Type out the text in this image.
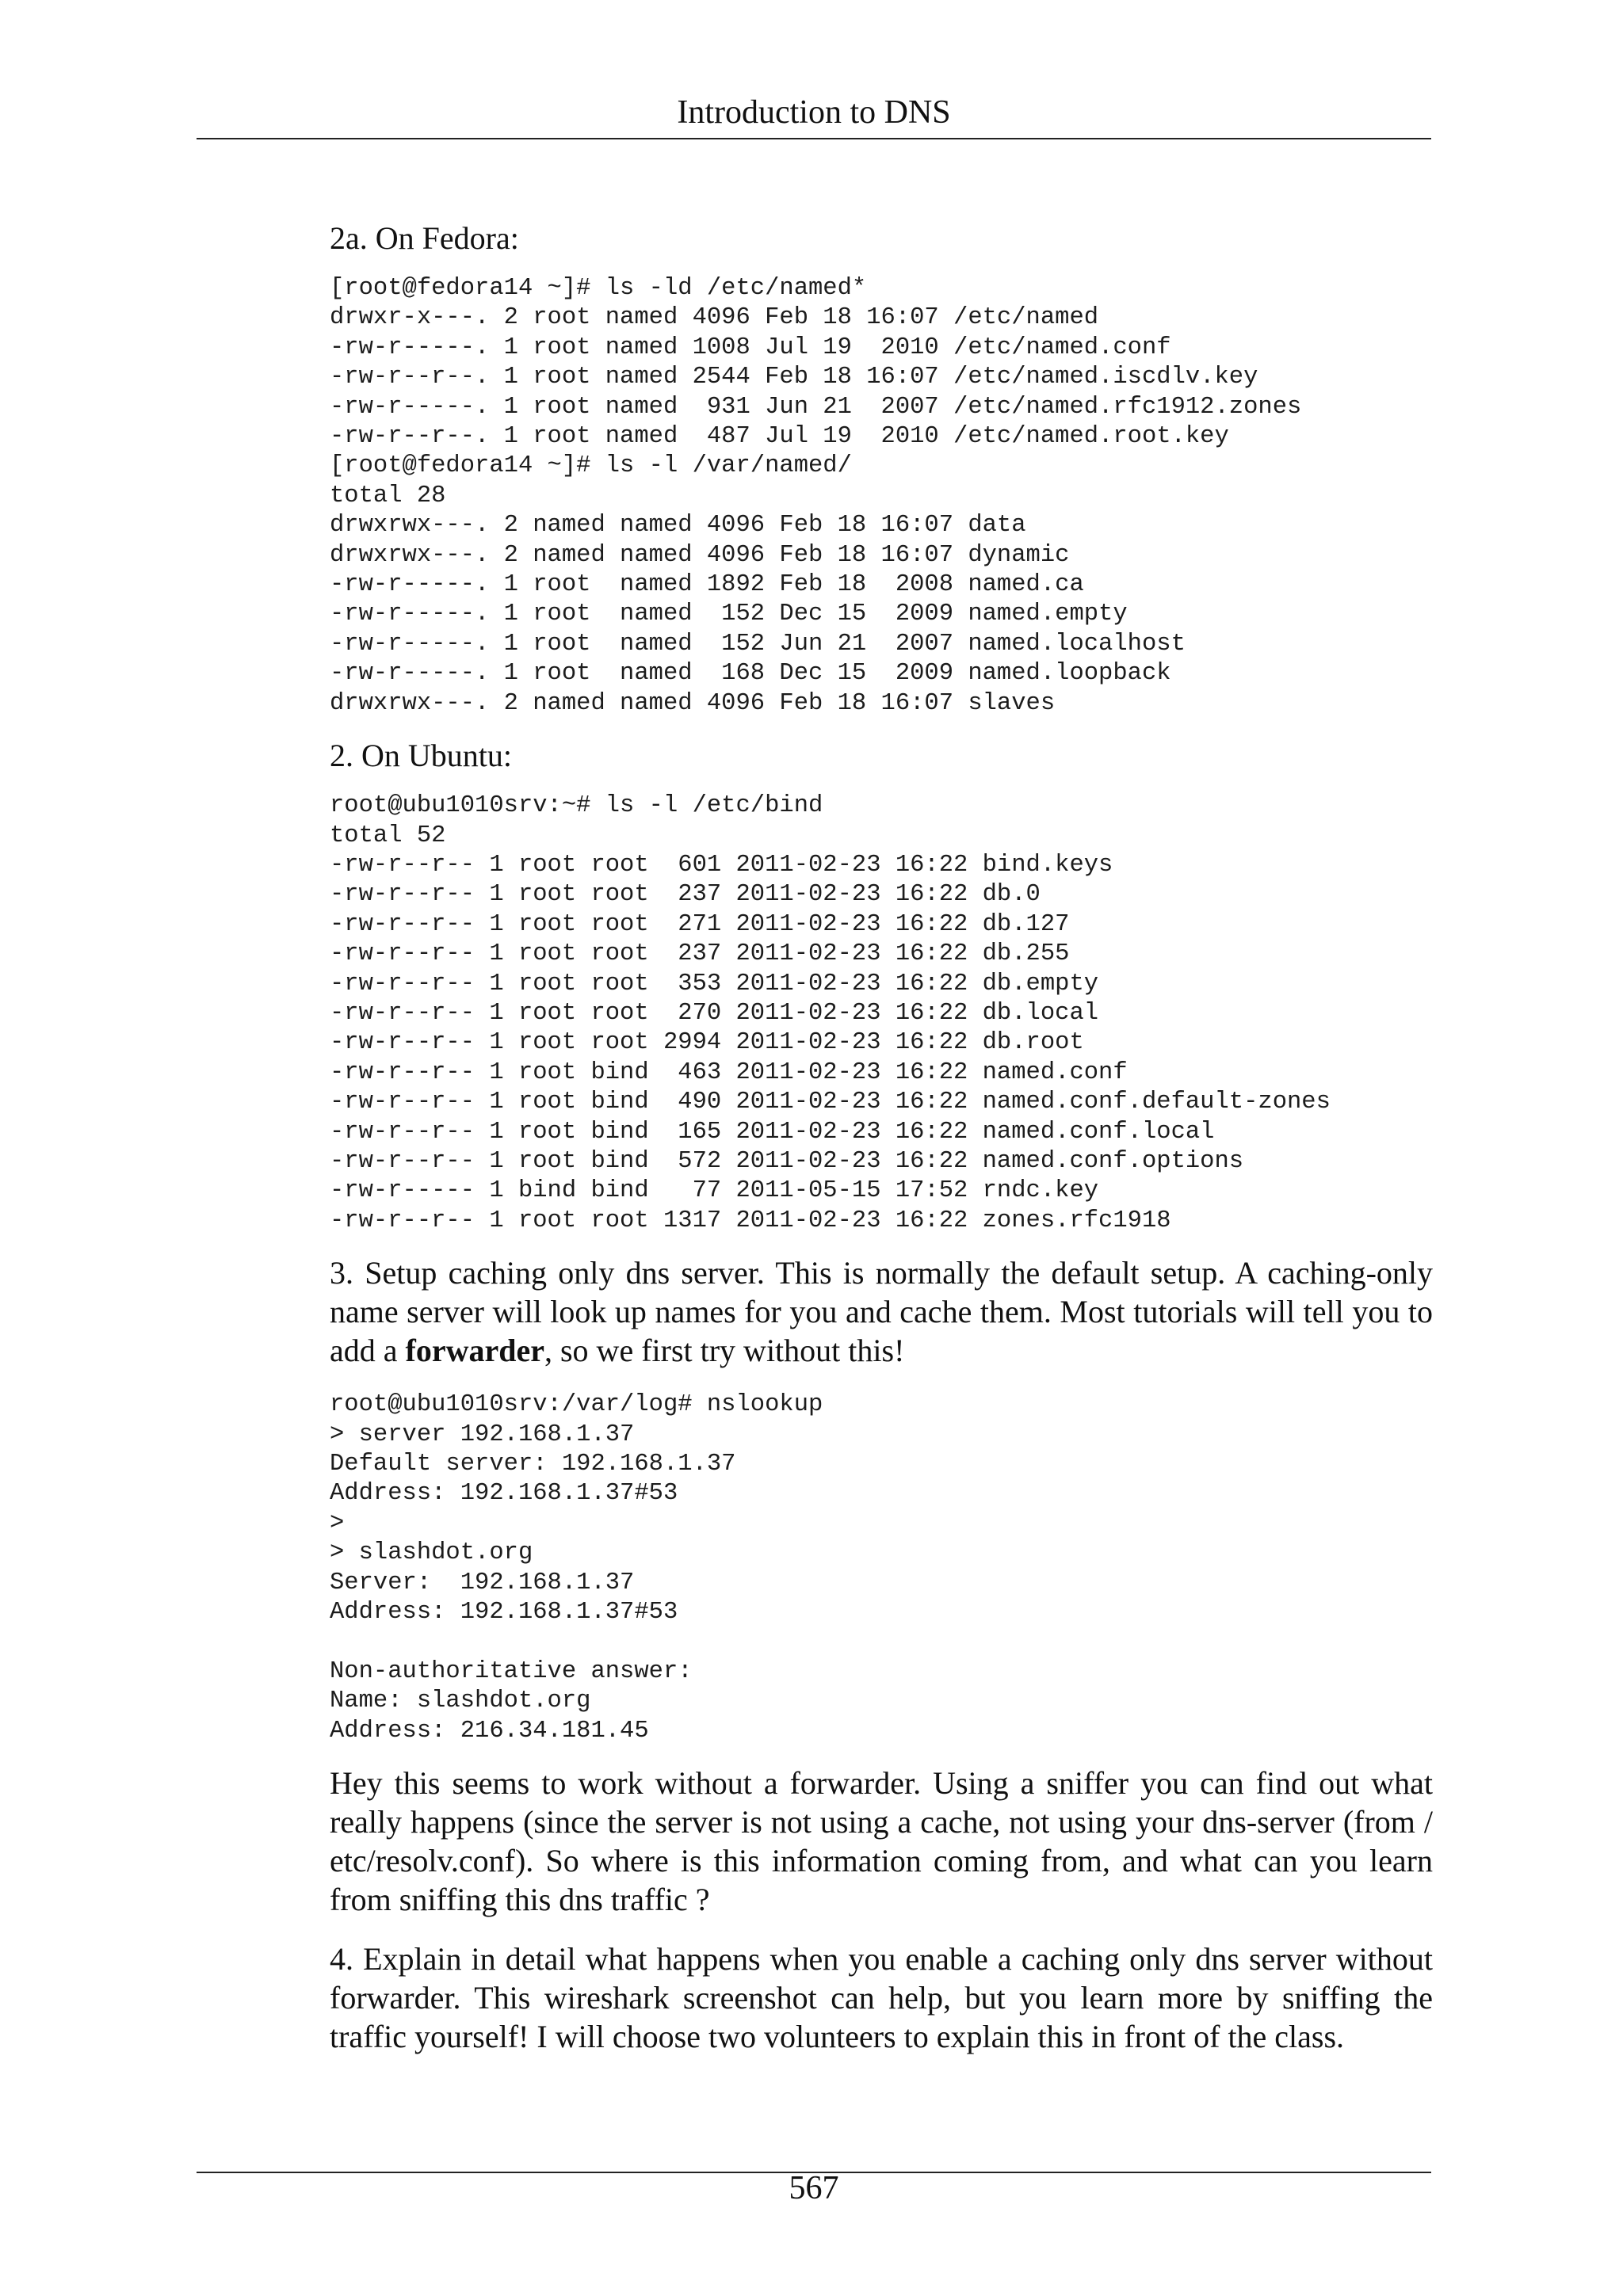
Introduction to DNS
2a. On Fedora:
[root@fedora14 ~]# ls -ld /etc/named*
drwxr-x---. 2 root named 4096 Feb 18 16:07 /etc/named
-rw-r-----. 1 root named 1008 Jul 19  2010 /etc/named.conf
-rw-r--r--. 1 root named 2544 Feb 18 16:07 /etc/named.iscdlv.key
-rw-r-----. 1 root named  931 Jun 21  2007 /etc/named.rfc1912.zones
-rw-r--r--. 1 root named  487 Jul 19  2010 /etc/named.root.key
[root@fedora14 ~]# ls -l /var/named/
total 28
drwxrwx---. 2 named named 4096 Feb 18 16:07 data
drwxrwx---. 2 named named 4096 Feb 18 16:07 dynamic
-rw-r-----. 1 root  named 1892 Feb 18  2008 named.ca
-rw-r-----. 1 root  named  152 Dec 15  2009 named.empty
-rw-r-----. 1 root  named  152 Jun 21  2007 named.localhost
-rw-r-----. 1 root  named  168 Dec 15  2009 named.loopback
drwxrwx---. 2 named named 4096 Feb 18 16:07 slaves
2. On Ubuntu:
root@ubu1010srv:~# ls -l /etc/bind
total 52
-rw-r--r-- 1 root root  601 2011-02-23 16:22 bind.keys
-rw-r--r-- 1 root root  237 2011-02-23 16:22 db.0
-rw-r--r-- 1 root root  271 2011-02-23 16:22 db.127
-rw-r--r-- 1 root root  237 2011-02-23 16:22 db.255
-rw-r--r-- 1 root root  353 2011-02-23 16:22 db.empty
-rw-r--r-- 1 root root  270 2011-02-23 16:22 db.local
-rw-r--r-- 1 root root 2994 2011-02-23 16:22 db.root
-rw-r--r-- 1 root bind  463 2011-02-23 16:22 named.conf
-rw-r--r-- 1 root bind  490 2011-02-23 16:22 named.conf.default-zones
-rw-r--r-- 1 root bind  165 2011-02-23 16:22 named.conf.local
-rw-r--r-- 1 root bind  572 2011-02-23 16:22 named.conf.options
-rw-r----- 1 bind bind   77 2011-05-15 17:52 rndc.key
-rw-r--r-- 1 root root 1317 2011-02-23 16:22 zones.rfc1918

3. Setup caching only dns server. This is normally the default setup. A caching-only name server will look up names for you and cache them. Most tutorials will tell you to add a forwarder, so we first try without this!

root@ubu1010srv:/var/log# nslookup
> server 192.168.1.37
Default server: 192.168.1.37
Address: 192.168.1.37#53
>
> slashdot.org
Server:  192.168.1.37
Address: 192.168.1.37#53

Non-authoritative answer:
Name: slashdot.org
Address: 216.34.181.45

Hey this seems to work without a forwarder. Using a sniffer you can find out what really happens (since the server is not using a cache, not using your dns-server (from / etc/resolv.conf). So where is this information coming from, and what can you learn from sniffing this dns traffic ?

4. Explain in detail what happens when you enable a caching only dns server without forwarder. This wireshark screenshot can help, but you learn more by sniffing the traffic yourself! I will choose two volunteers to explain this in front of the class.

567
